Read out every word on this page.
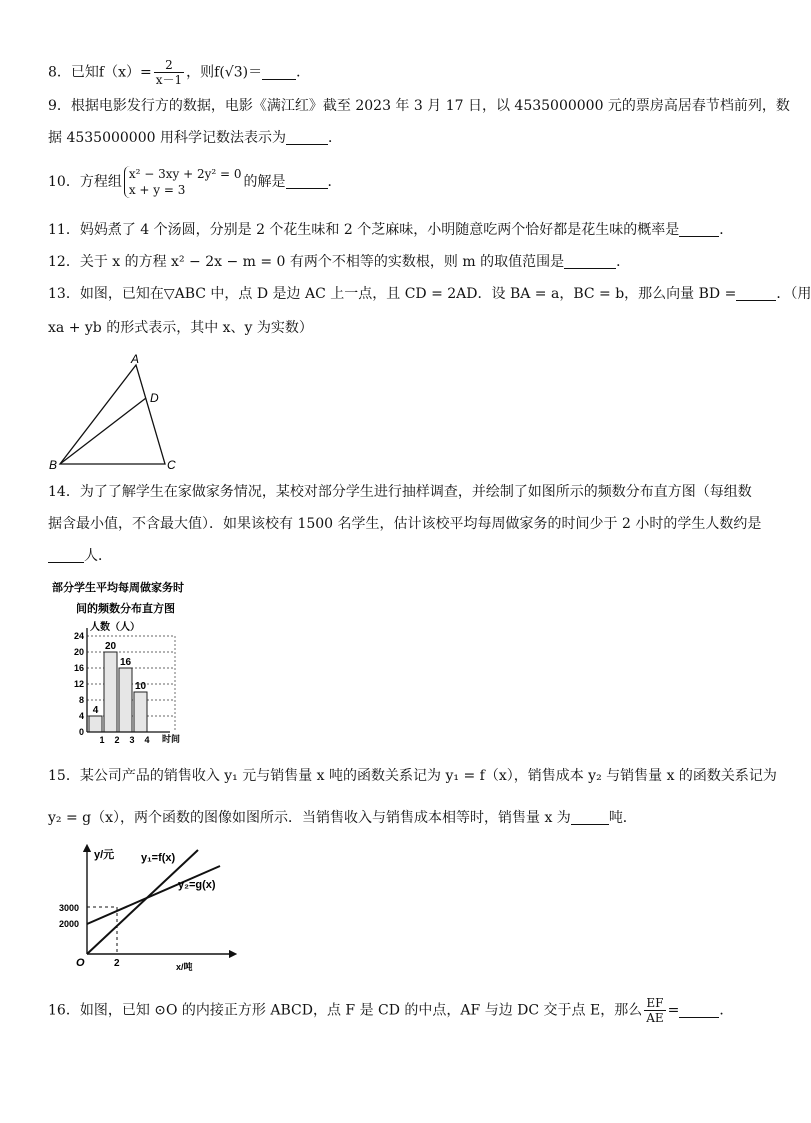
8．已知$f(x)= \frac{2}{x-1}$ ，则f(√3)＝ ．
9．根据电影发行方的数据，电影《满江红》截至 2023 年 3 月 17 日，以 4535000000 元的票房高居春节档前列，数
据 4535000000 用科学记数法表示为	．
10．方程组 x² − 3xy + 2y² = 0
x + y = 3	的解是	．
11．妈妈煮了 4 个汤圆，分别是 2 个花生味和 2 个芝麻味，小明随意吃两个恰好都是花生味的概率是	．
12．关于 x 的方程 x² − 2x − m = 0 有两个不相等的实数根，则 m 的取值范围是	．
13．如图，已知在▽ABC 中，点 D 是边 AC 上一点，且 CD = 2AD．设 BA = a，BC = b，那么向量 BD =	．（用
xa + yb 的形式表示，其中 x、y 为实数）
A
D
B	C
14．为了了解学生在家做家务情况，某校对部分学生进行抽样调查，并绘制了如图所示的频数分布直方图（每组数
据含最小值，不含最大值）．如果该校有 1500 名学生，估计该校平均每周做家务的时间少于 2 小时的学生人数约是
人．
部分学生平均每周做家务时
间的频数分布直方图
人数（人）
时间
0
4
8
12
16
20
24
4
20
16
10
1 2 3 4
15．某公司产品的销售收入 y₁ 元与销售量 x 吨的函数关系记为 y₁ = f（x），销售成本 y₂ 与销售量 x 的函数关系记为
y₂ = g（x），两个函数的图像如图所示．当销售收入与销售成本相等时，销售量 x 为	吨．
y/元 y₁=f(x)
y₂=g(x)
3000
2000
2
O	x/吨
16．如图，已知 ⊙O 的内接正方形 ABCD，点 F 是 CD 的中点，AF 与边 DC 交于点 E，那么 $\frac{EF}{AE}$ =	．
